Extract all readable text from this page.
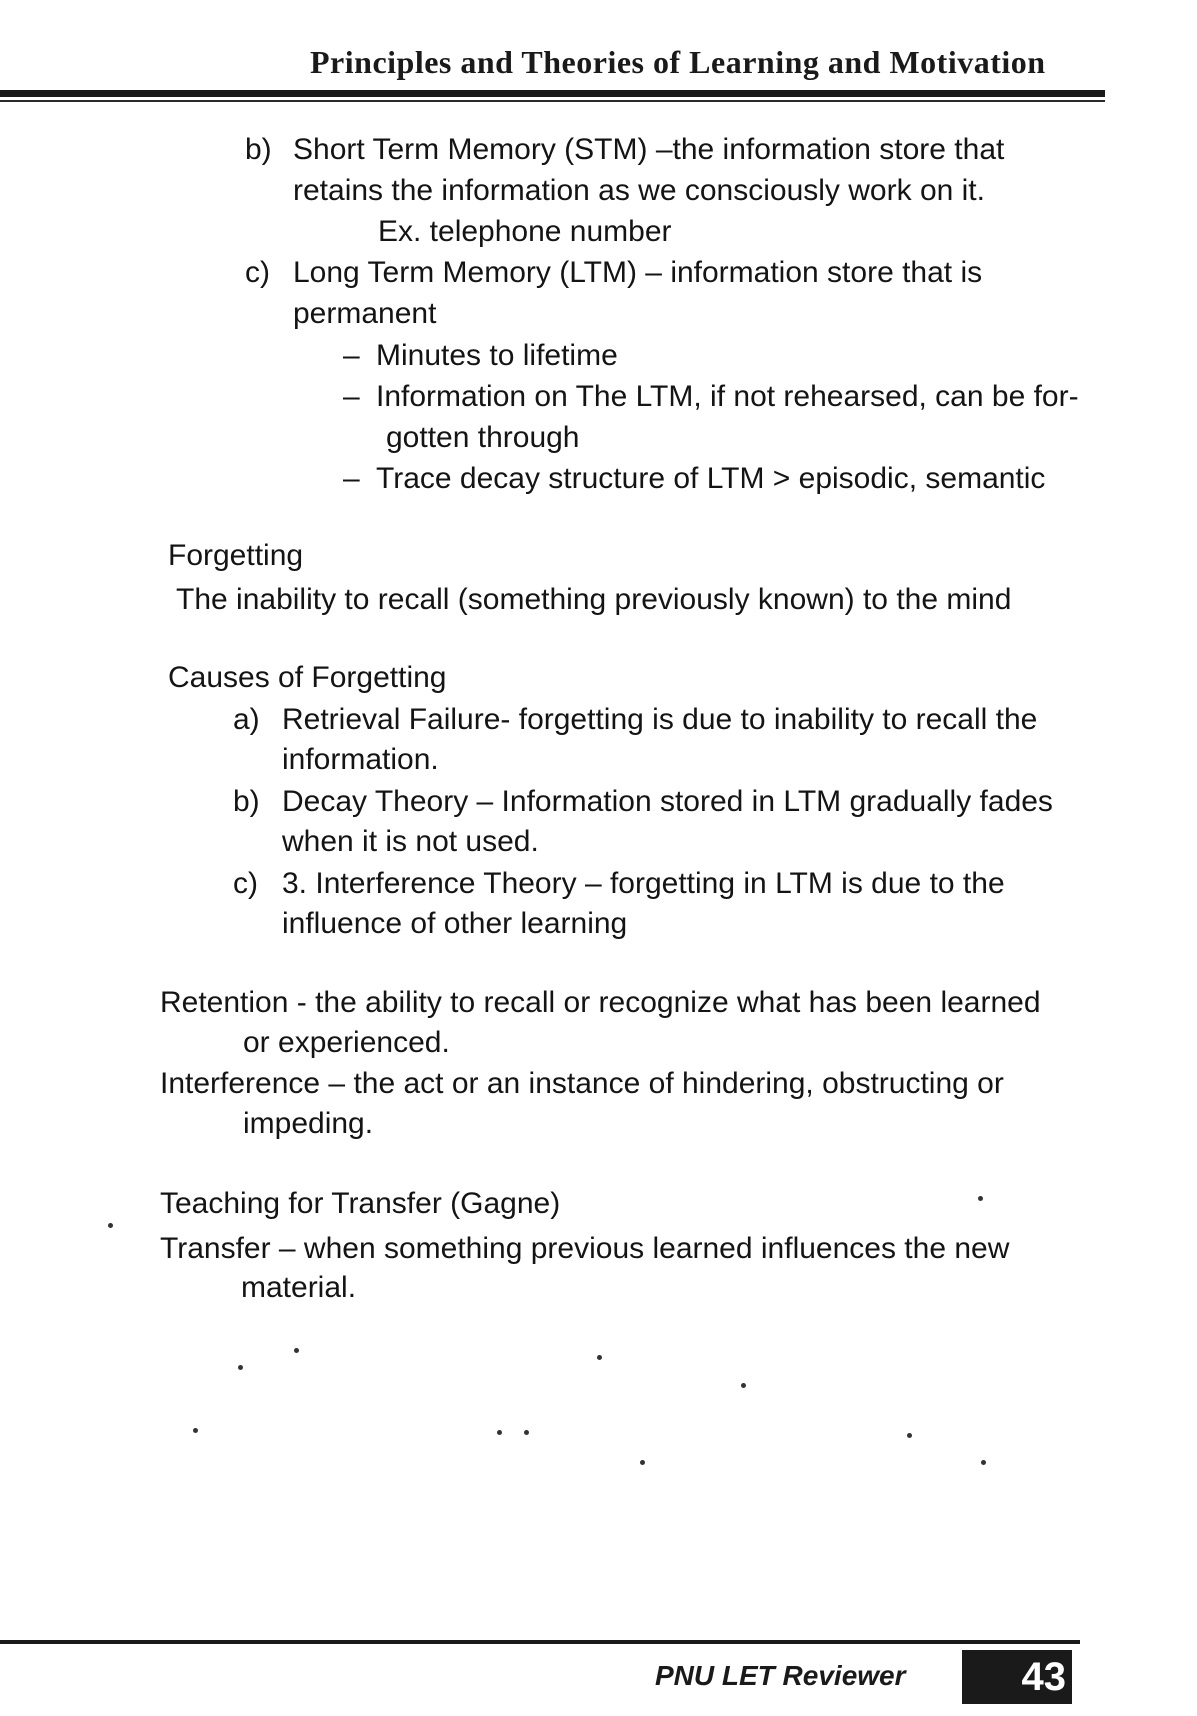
Principles and Theories of Learning and Motivation
b) Short Term Memory (STM) –the information store that
retains the information as we consciously work on it.
Ex. telephone number
c) Long Term Memory (LTM) – information store that is
permanent
– Minutes to lifetime
– Information on The LTM, if not rehearsed, can be for-
gotten through
– Trace decay structure of LTM > episodic, semantic
Forgetting
The inability to recall (something previously known) to the mind
Causes of Forgetting
a) Retrieval Failure- forgetting is due to inability to recall the
information.
b) Decay Theory – Information stored in LTM gradually fades
when it is not used.
c) 3. Interference Theory – forgetting in LTM is due to the
influence of other learning
Retention - the ability to recall or recognize what has been learned
or experienced.
Interference – the act or an instance of hindering, obstructing or
impeding.
Teaching for Transfer (Gagne)
Transfer – when something previous learned influences the new
material.
PNU LET Reviewer	43
